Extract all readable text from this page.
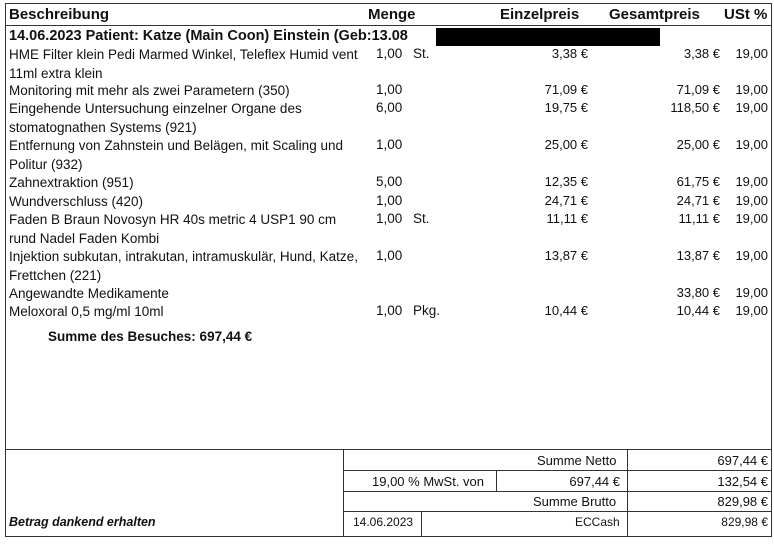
Beschreibung	Menge	Einzelpreis Gesamtpreis USt %
14.06.2023 Patient: Katze (Main Coon) Einstein (Geb:13.08
HME Filter klein Pedi Marmed Winkel, Teleflex Humid vent 11ml extra klein
1,00 St.	3,38 €	3,38 € 19,00
Monitoring mit mehr als zwei Parametern (350)	1,00	71,09 €	71,09 € 19,00
Eingehende Untersuchung einzelner Organe des stomatognathen Systems (921)
6,00	19,75 €	118,50 € 19,00
Entfernung von Zahnstein und Belägen, mit Scaling und Politur (932)
1,00	25,00 €	25,00 € 19,00
Zahnextraktion (951)	5,00	12,35 €	61,75 € 19,00
Wundverschluss (420)	1,00	24,71 €	24,71 € 19,00
Faden B Braun Novosyn HR 40s metric 4 USP1 90 cm rund Nadel Faden Kombi
1,00 St.	11,11 €	11,11 € 19,00
Injektion subkutan, intrakutan, intramuskulär, Hund, Katze, Frettchen (221)
1,00	13,87 €	13,87 € 19,00
Angewandte Medikamente	33,80 € 19,00
Meloxoral 0,5 mg/ml 10ml	1,00 Pkg.	10,44 €	10,44 € 19,00
Summe des Besuches: 697,44 €
Summe Netto	697,44 €
19,00 % MwSt. von	697,44 €	132,54 €
Summe Brutto	829,98 €
Betrag dankend erhalten	14.06.2023	ECCash	829,98 €
